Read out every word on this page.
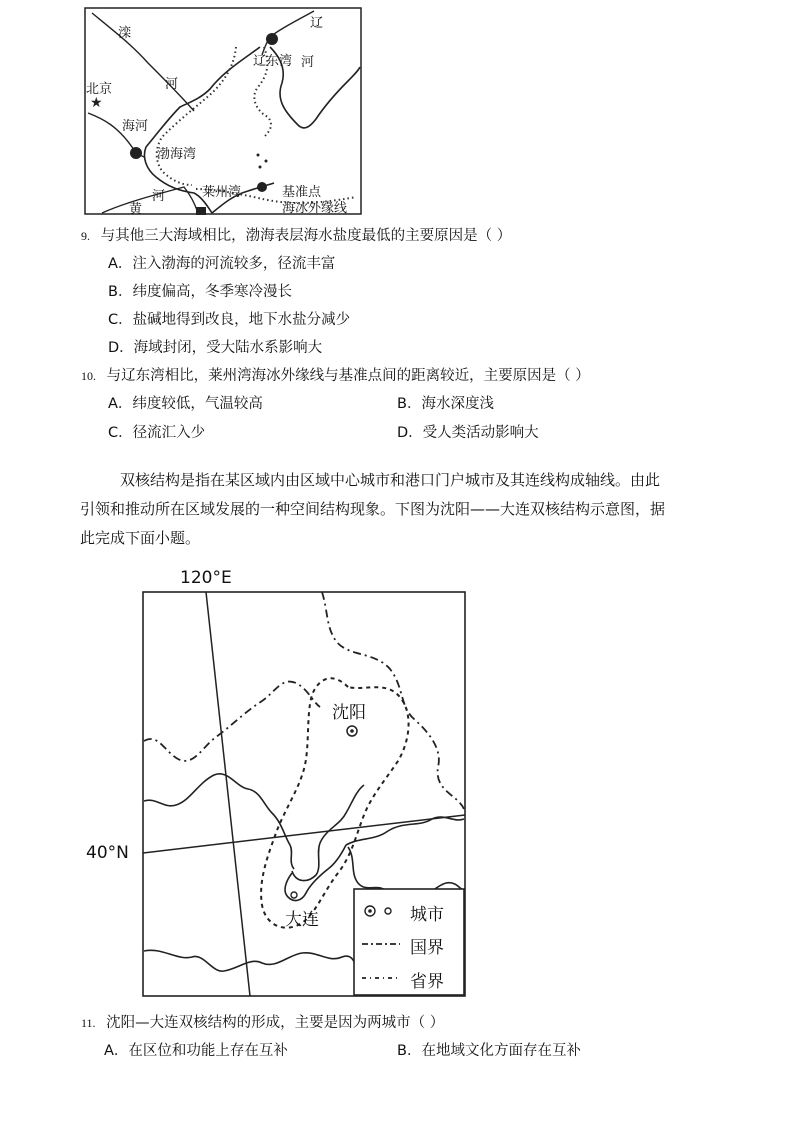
★
滦
河
辽
辽东湾 河
北京
海河
渤海湾
河
黄
莱州湾	基准点
海冰外缘线
9. 与其他三大海域相比，渤海表层海水盐度最低的主要原因是（ ）
A．注入渤海的河流较多，径流丰富
B．纬度偏高，冬季寒冷漫长
C．盐碱地得到改良，地下水盐分减少
D．海域封闭，受大陆水系影响大
10. 与辽东湾相比，莱州湾海冰外缘线与基准点间的距离较近，主要原因是（ ）
A．纬度较低，气温较高	B．海水深度浅
C．径流汇入少	D．受人类活动影响大
双核结构是指在某区域内由区域中心城市和港口门户城市及其连线构成轴线。由此
引领和推动所在区域发展的一种空间结构现象。下图为沈阳——大连双核结构示意图，据
此完成下面小题。
120°E
40°N
沈阳
大连	城市
国界
省界
11. 沈阳—大连双核结构的形成，主要是因为两城市（ ）
A．在区位和功能上存在互补	B．在地域文化方面存在互补
